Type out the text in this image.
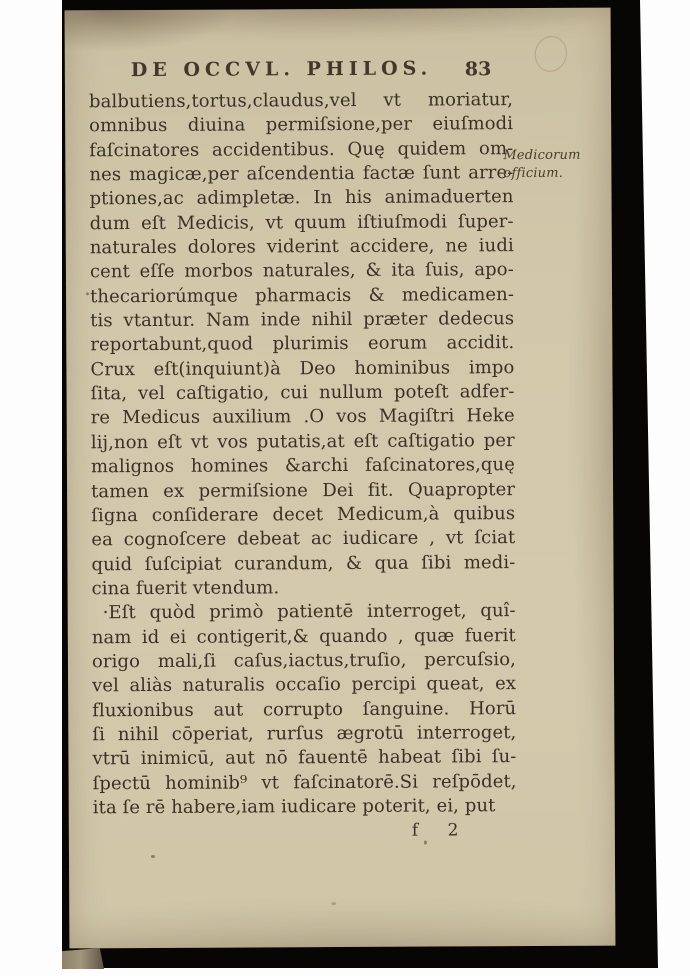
DE OCCVL. PHILOS. 83
balbutiens,tortus,claudus,vel vt moriatur,
omnibus diuina permiſsione,per eiuſmodi
faſcinatores accidentibus. Quę quidem om-
nes magicæ,per aſcendentia factæ ſunt arre-
ptiones,ac adimpletæ. In his animaduerten
dum eſt Medicis, vt quum iſtiuſmodi ſuper-
naturales dolores viderint accidere, ne iudi
cent eſſe morbos naturales, & ita ſuis, apo-
thecariorúmque pharmacis & medicamen-
tis vtantur. Nam inde nihil præter dedecus
reportabunt,quod plurimis eorum accidit.
Crux eſt(inquiunt)à Deo hominibus impo
ſita, vel caſtigatio, cui nullum poteſt adfer-
re Medicus auxilium .O vos Magiſtri Heke
lij,non eſt vt vos putatis,at eſt caſtigatio per
malignos homines &archi faſcinatores,quę
tamen ex permiſsione Dei fit. Quapropter
ſigna conſiderare decet Medicum,à quibus
ea cognoſcere debeat ac iudicare , vt ſciat
quid ſuſcipiat curandum, & qua ſibi medi-
cina fuerit vtendum.
·Eſt quòd primò patientē interroget, quî-
nam id ei contigerit,& quando , quæ fuerit
origo mali,ſi caſus,iactus,truſio, percuſsio,
vel aliàs naturalis occaſio percipi queat, ex
fluxionibus aut corrupto ſanguine. Horū
ſi nihil cōperiat, rurſus ægrotū interroget,
vtrū inimicū, aut nō fauentē habeat ſibi ſu-
ſpectū hominib⁹ vt faſcinatorē.Si reſpōdet,
ita ſe rē habere,iam iudicare poterit, ei, put
Medicorum
officium.
f 2
